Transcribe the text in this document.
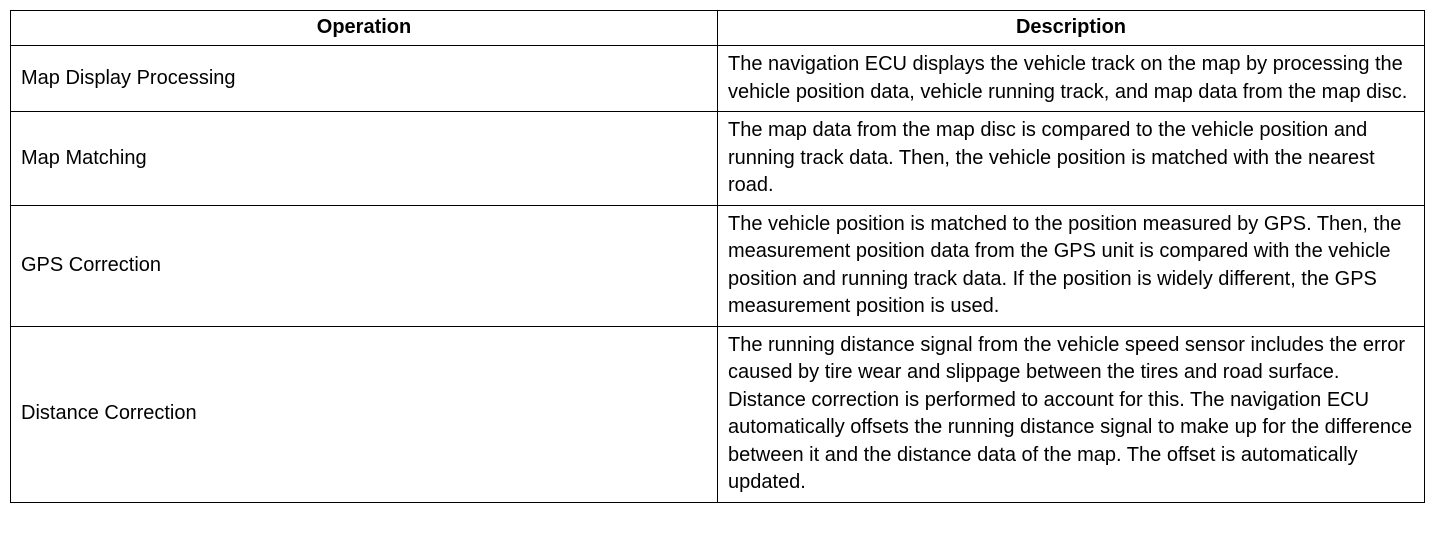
Operation	Description
Map Display Processing	The navigation ECU displays the vehicle track on the map by processing the vehicle position data, vehicle running track, and map data from the map disc.
Map Matching	The map data from the map disc is compared to the vehicle position and running track data. Then, the vehicle position is matched with the nearest road.
GPS Correction	The vehicle position is matched to the position measured by GPS. Then, the measurement position data from the GPS unit is compared with the vehicle position and running track data. If the position is widely different, the GPS measurement position is used.
Distance Correction	The running distance signal from the vehicle speed sensor includes the error caused by tire wear and slippage between the tires and road surface. Distance correction is performed to account for this. The navigation ECU automatically offsets the running distance signal to make up for the difference between it and the distance data of the map. The offset is automatically updated.
